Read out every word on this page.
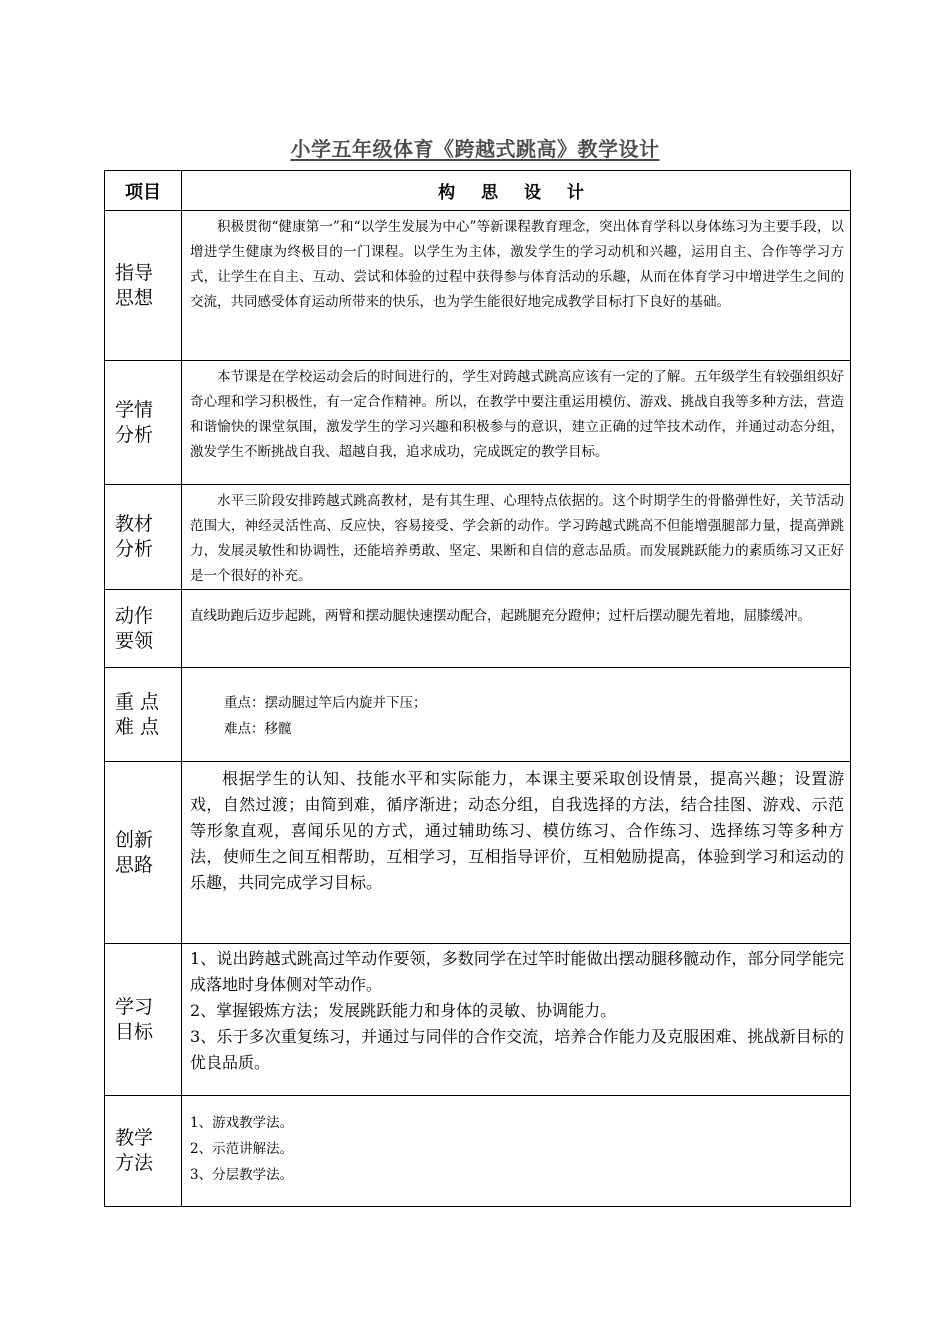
小学五年级体育《跨越式跳高》教学设计
项目	构 思 设 计

指导思想	积极贯彻“健康第一”和“以学生发展为中心”等新课程教育理念，突出体育学科以身体练习为主要手段，以增进学生健康为终极目的一门课程。以学生为主体，激发学生的学习动机和兴趣，运用自主、合作等学习方式，让学生在自主、互动、尝试和体验的过程中获得参与体育活动的乐趣，从而在体育学习中增进学生之间的交流，共同感受体育运动所带来的快乐，也为学生能很好地完成教学目标打下良好的基础。

学情分析	本节课是在学校运动会后的时间进行的，学生对跨越式跳高应该有一定的了解。五年级学生有较强组织好奇心理和学习积极性，有一定合作精神。所以，在教学中要注重运用模仿、游戏、挑战自我等多种方法，营造和谐愉快的课堂氛围，激发学生的学习兴趣和积极参与的意识，建立正确的过竿技术动作，并通过动态分组，激发学生不断挑战自我、超越自我，追求成功，完成既定的教学目标。

教材分析	水平三阶段安排跨越式跳高教材，是有其生理、心理特点依据的。这个时期学生的骨骼弹性好，关节活动范围大，神经灵活性高、反应快，容易接受、学会新的动作。学习跨越式跳高不但能增强腿部力量，提高弹跳力，发展灵敏性和协调性，还能培养勇敢、坚定、果断和自信的意志品质。而发展跳跃能力的素质练习又正好是一个很好的补充。

动作要领	直线助跑后迈步起跳，两臂和摆动腿快速摆动配合，起跳腿充分蹬伸；过杆后摆动腿先着地，屈膝缓冲。

重 点难 点	重点：摆动腿过竿后内旋并下压；
难点：移髋

创新思路	根据学生的认知、技能水平和实际能力，本课主要采取创设情景，提高兴趣；设置游戏，自然过渡；由简到难，循序渐进；动态分组，自我选择的方法，结合挂图、游戏、示范等形象直观，喜闻乐见的方式，通过辅助练习、模仿练习、合作练习、选择练习等多种方法，使师生之间互相帮助，互相学习，互相指导评价，互相勉励提高，体验到学习和运动的乐趣，共同完成学习目标。

学习目标	1、说出跨越式跳高过竿动作要领，多数同学在过竿时能做出摆动腿移髋动作，部分同学能完成落地时身体侧对竿动作。
2、掌握锻炼方法；发展跳跃能力和身体的灵敏、协调能力。
3、乐于多次重复练习，并通过与同伴的合作交流，培养合作能力及克服困难、挑战新目标的优良品质。

教学方法	1、游戏教学法。
2、示范讲解法。
3、分层教学法。
